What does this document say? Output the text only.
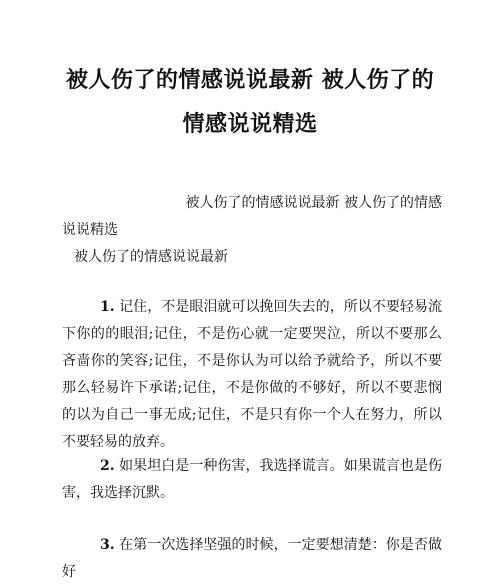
被人伤了的情感说说最新 被人伤了的
情感说说精选
被人伤了的情感说说最新 被人伤了的情感
说说精选
被人伤了的情感说说最新

1. 记住，不是眼泪就可以挽回失去的，所以不要轻易流下你的的眼泪;记住，不是伤心就一定要哭泣，所以不要那么吝啬你的笑容;记住，不是你认为可以给予就给予，所以不要那么轻易许下承诺;记住，不是你做的不够好，所以不要悲悯的以为自己一事无成;记住，不是只有你一个人在努力，所以不要轻易的放弃。

2. 如果坦白是一种伤害，我选择谎言。如果谎言也是伤害，我选择沉默。

3. 在第一次选择坚强的时候，一定要想清楚：你是否做好
